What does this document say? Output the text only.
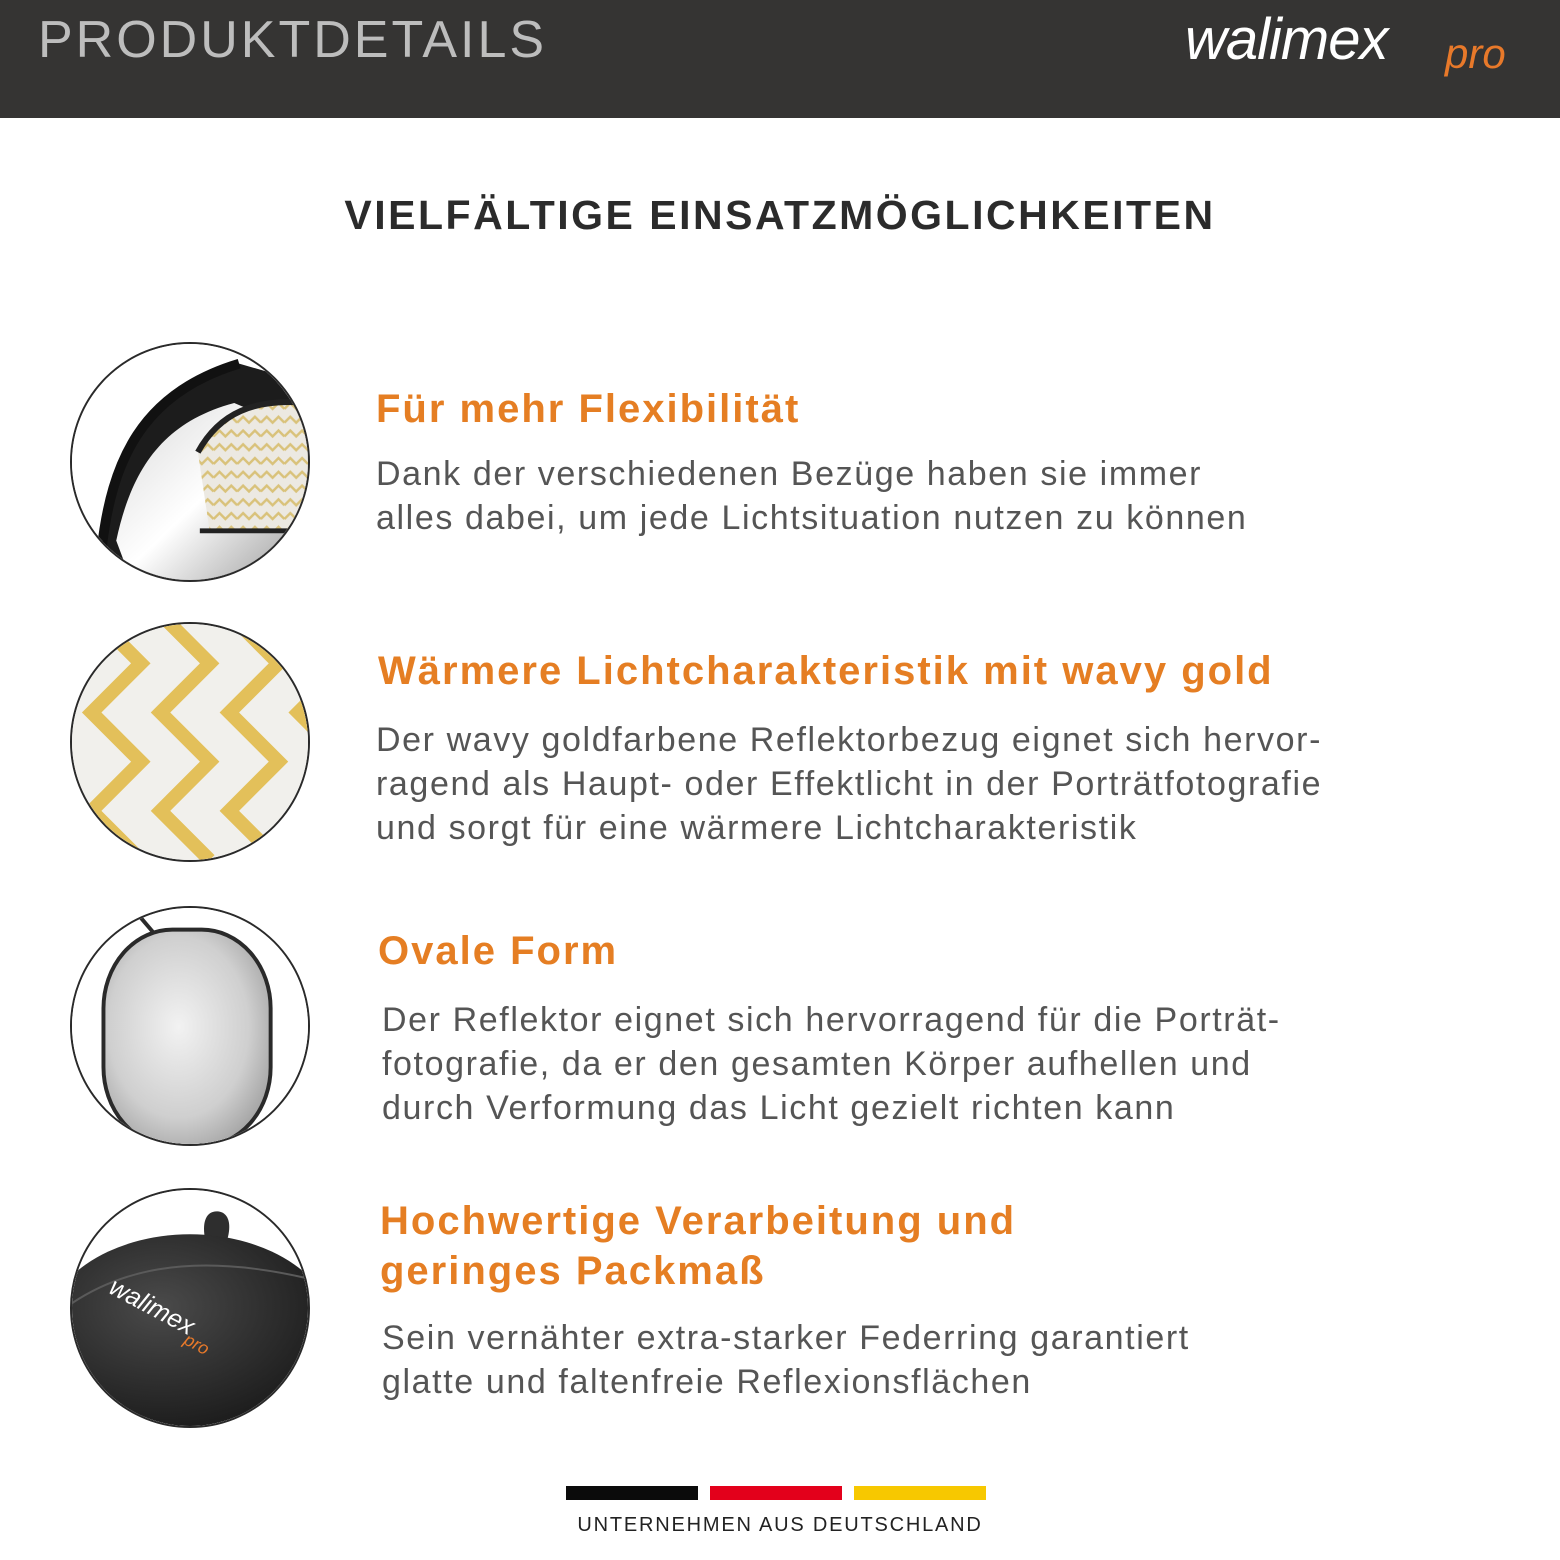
PRODUKTDETAILS	walimex pro
VIELFÄLTIGE EINSATZMÖGLICHKEITEN
Für mehr Flexibilität
Dank der verschiedenen Bezüge haben sie immer
alles dabei, um jede Lichtsituation nutzen zu können
Wärmere Lichtcharakteristik mit wavy gold
Der wavy goldfarbene Reflektorbezug eignet sich hervor-
ragend als Haupt- oder Effektlicht in der Porträtfotografie
und sorgt für eine wärmere Lichtcharakteristik
Ovale Form
Der Reflektor eignet sich hervorragend für die Porträt-
fotografie, da er den gesamten Körper aufhellen und
durch Verformung das Licht gezielt richten kann
walimex
pro
Hochwertige Verarbeitung und
geringes Packmaß
Sein vernähter extra-starker Federring garantiert
glatte und faltenfreie Reflexionsflächen
UNTERNEHMEN AUS DEUTSCHLAND
